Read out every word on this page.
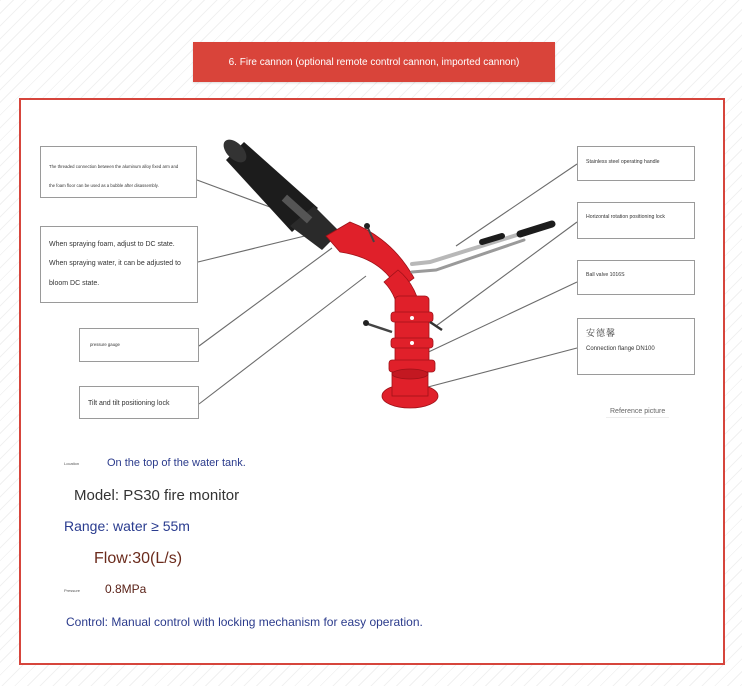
6. Fire cannon (optional remote control cannon, imported cannon)
The threaded connection between the aluminum alloy fixed arm and
the foam floor can be used as a bubble after disassembly.
When spraying foam, adjust to DC state. When spraying water, it can be adjusted to bloom DC state.
pressure gauge
Tilt and tilt positioning lock
Stainless steel operating handle
Horizontal rotation positioning lock
Ball valve 1016S
安德馨
Connection flange DN100
Reference picture
Location	On the top of the water tank.
Model: PS30 fire monitor
Range: water ≥ 55m
Flow:30(L/s)
Pressure 0.8MPa
Control: Manual control with locking mechanism for easy operation.
